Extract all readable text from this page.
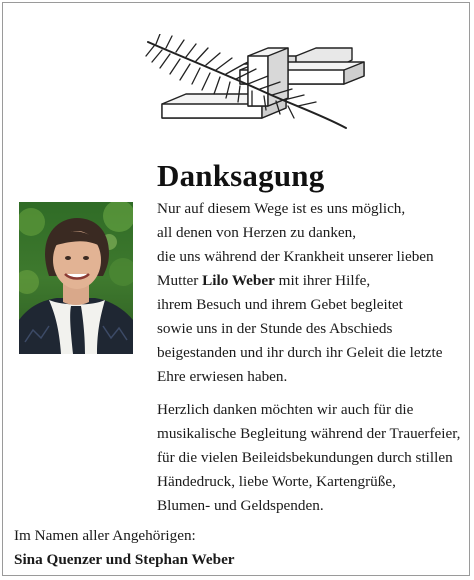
Danksagung
Nur auf diesem Wege ist es uns möglich,
all denen von Herzen zu danken,
die uns während der Krankheit unserer lieben
Mutter Lilo Weber mit ihrer Hilfe,
ihrem Besuch und ihrem Gebet begleitet
sowie uns in der Stunde des Abschieds
beigestanden und ihr durch ihr Geleit die letzte
Ehre erwiesen haben.
Herzlich danken möchten wir auch für die
musikalische Begleitung während der Trauerfeier,
für die vielen Beileidsbekundungen durch stillen
Händedruck, liebe Worte, Kartengrüße,
Blumen- und Geldspenden.
Im Namen aller Angehörigen:
Sina Quenzer und Stephan Weber
